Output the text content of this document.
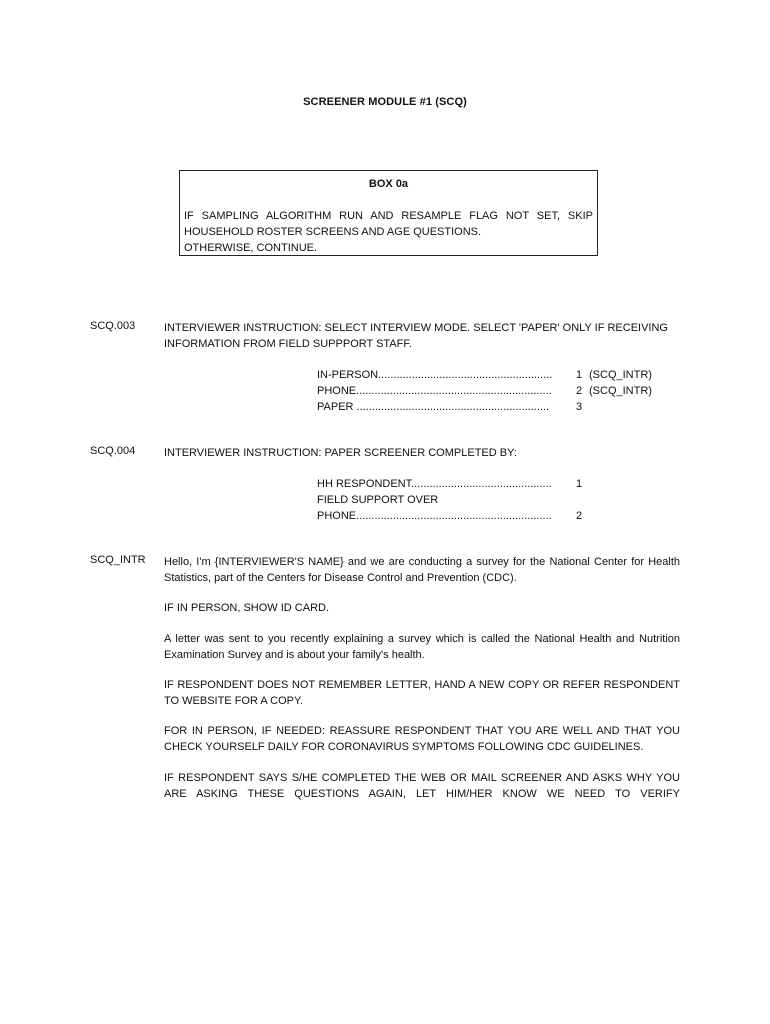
SCREENER MODULE #1 (SCQ)
BOX 0a
IF SAMPLING ALGORITHM RUN AND RESAMPLE FLAG NOT SET, SKIP
HOUSEHOLD ROSTER SCREENS AND AGE QUESTIONS.
OTHERWISE, CONTINUE.
SCQ.003	INTERVIEWER INSTRUCTION: SELECT INTERVIEW MODE. SELECT 'PAPER' ONLY IF RECEIVING INFORMATION FROM FIELD SUPPPORT STAFF.
IN-PERSON......................................................... 1 (SCQ_INTR)
PHONE................................................................ 2 (SCQ_INTR)
PAPER ............................................................... 3
SCQ.004	INTERVIEWER INSTRUCTION: PAPER SCREENER COMPLETED BY:
HH RESPONDENT.............................................. 1
FIELD SUPPORT OVER
PHONE................................................................ 2
SCQ_INTR Hello, I'm {INTERVIEWER'S NAME} and we are conducting a survey for the National Center for Health Statistics, part of the Centers for Disease Control and Prevention (CDC).
IF IN PERSON, SHOW ID CARD.
A letter was sent to you recently explaining a survey which is called the National Health and Nutrition Examination Survey and is about your family's health.
IF RESPONDENT DOES NOT REMEMBER LETTER, HAND A NEW COPY OR REFER RESPONDENT TO WEBSITE FOR A COPY.
FOR IN PERSON, IF NEEDED: REASSURE RESPONDENT THAT YOU ARE WELL AND THAT YOU CHECK YOURSELF DAILY FOR CORONAVIRUS SYMPTOMS FOLLOWING CDC GUIDELINES.
IF RESPONDENT SAYS S/HE COMPLETED THE WEB OR MAIL SCREENER AND ASKS WHY YOU ARE ASKING THESE QUESTIONS AGAIN, LET HIM/HER KNOW WE NEED TO VERIFY
